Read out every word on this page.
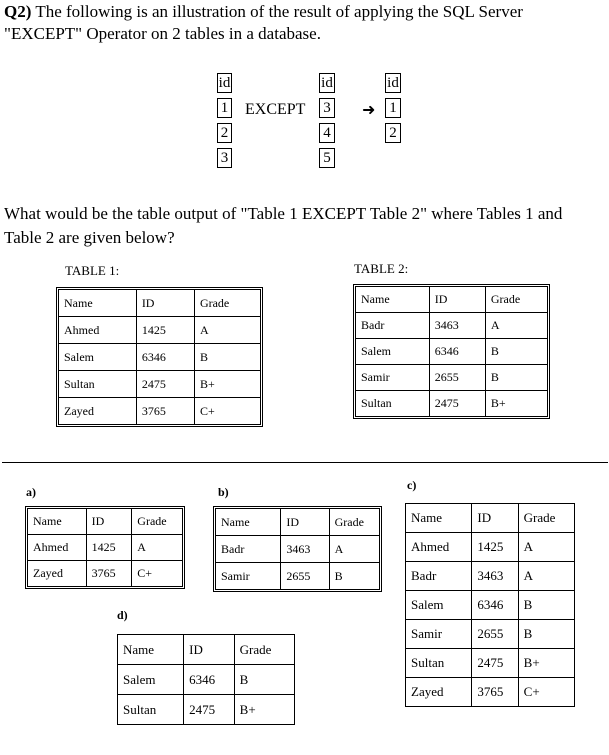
Q2) The following is an illustration of the result of applying the SQL Server
"EXCEPT" Operator on 2 tables in a database.
id
1
2
3
EXCEPT
id
3
4
5
➜
id
1
2
What would be the table output of "Table 1 EXCEPT Table 2" where Tables 1 and
Table 2 are given below?
TABLE 1:	TABLE 2:
Name	ID	Grade
Ahmed	1425	A
Salem	6346	B
Sultan	2475	B+
Zayed	3765	C+
Name	ID	Grade
Badr	3463	A
Salem	6346	B
Samir	2655	B
Sultan	2475	B+
a)
Name	ID	Grade
Ahmed	1425	A
Zayed	3765	C+
b)
Name	ID	Grade
Badr	3463	A
Samir	2655	B
c)
Name	ID	Grade
Ahmed	1425	A
Badr	3463	A
Salem	6346	B
Samir	2655	B
Sultan	2475	B+
Zayed	3765	C+
d)
Name	ID	Grade
Salem	6346	B
Sultan	2475	B+
